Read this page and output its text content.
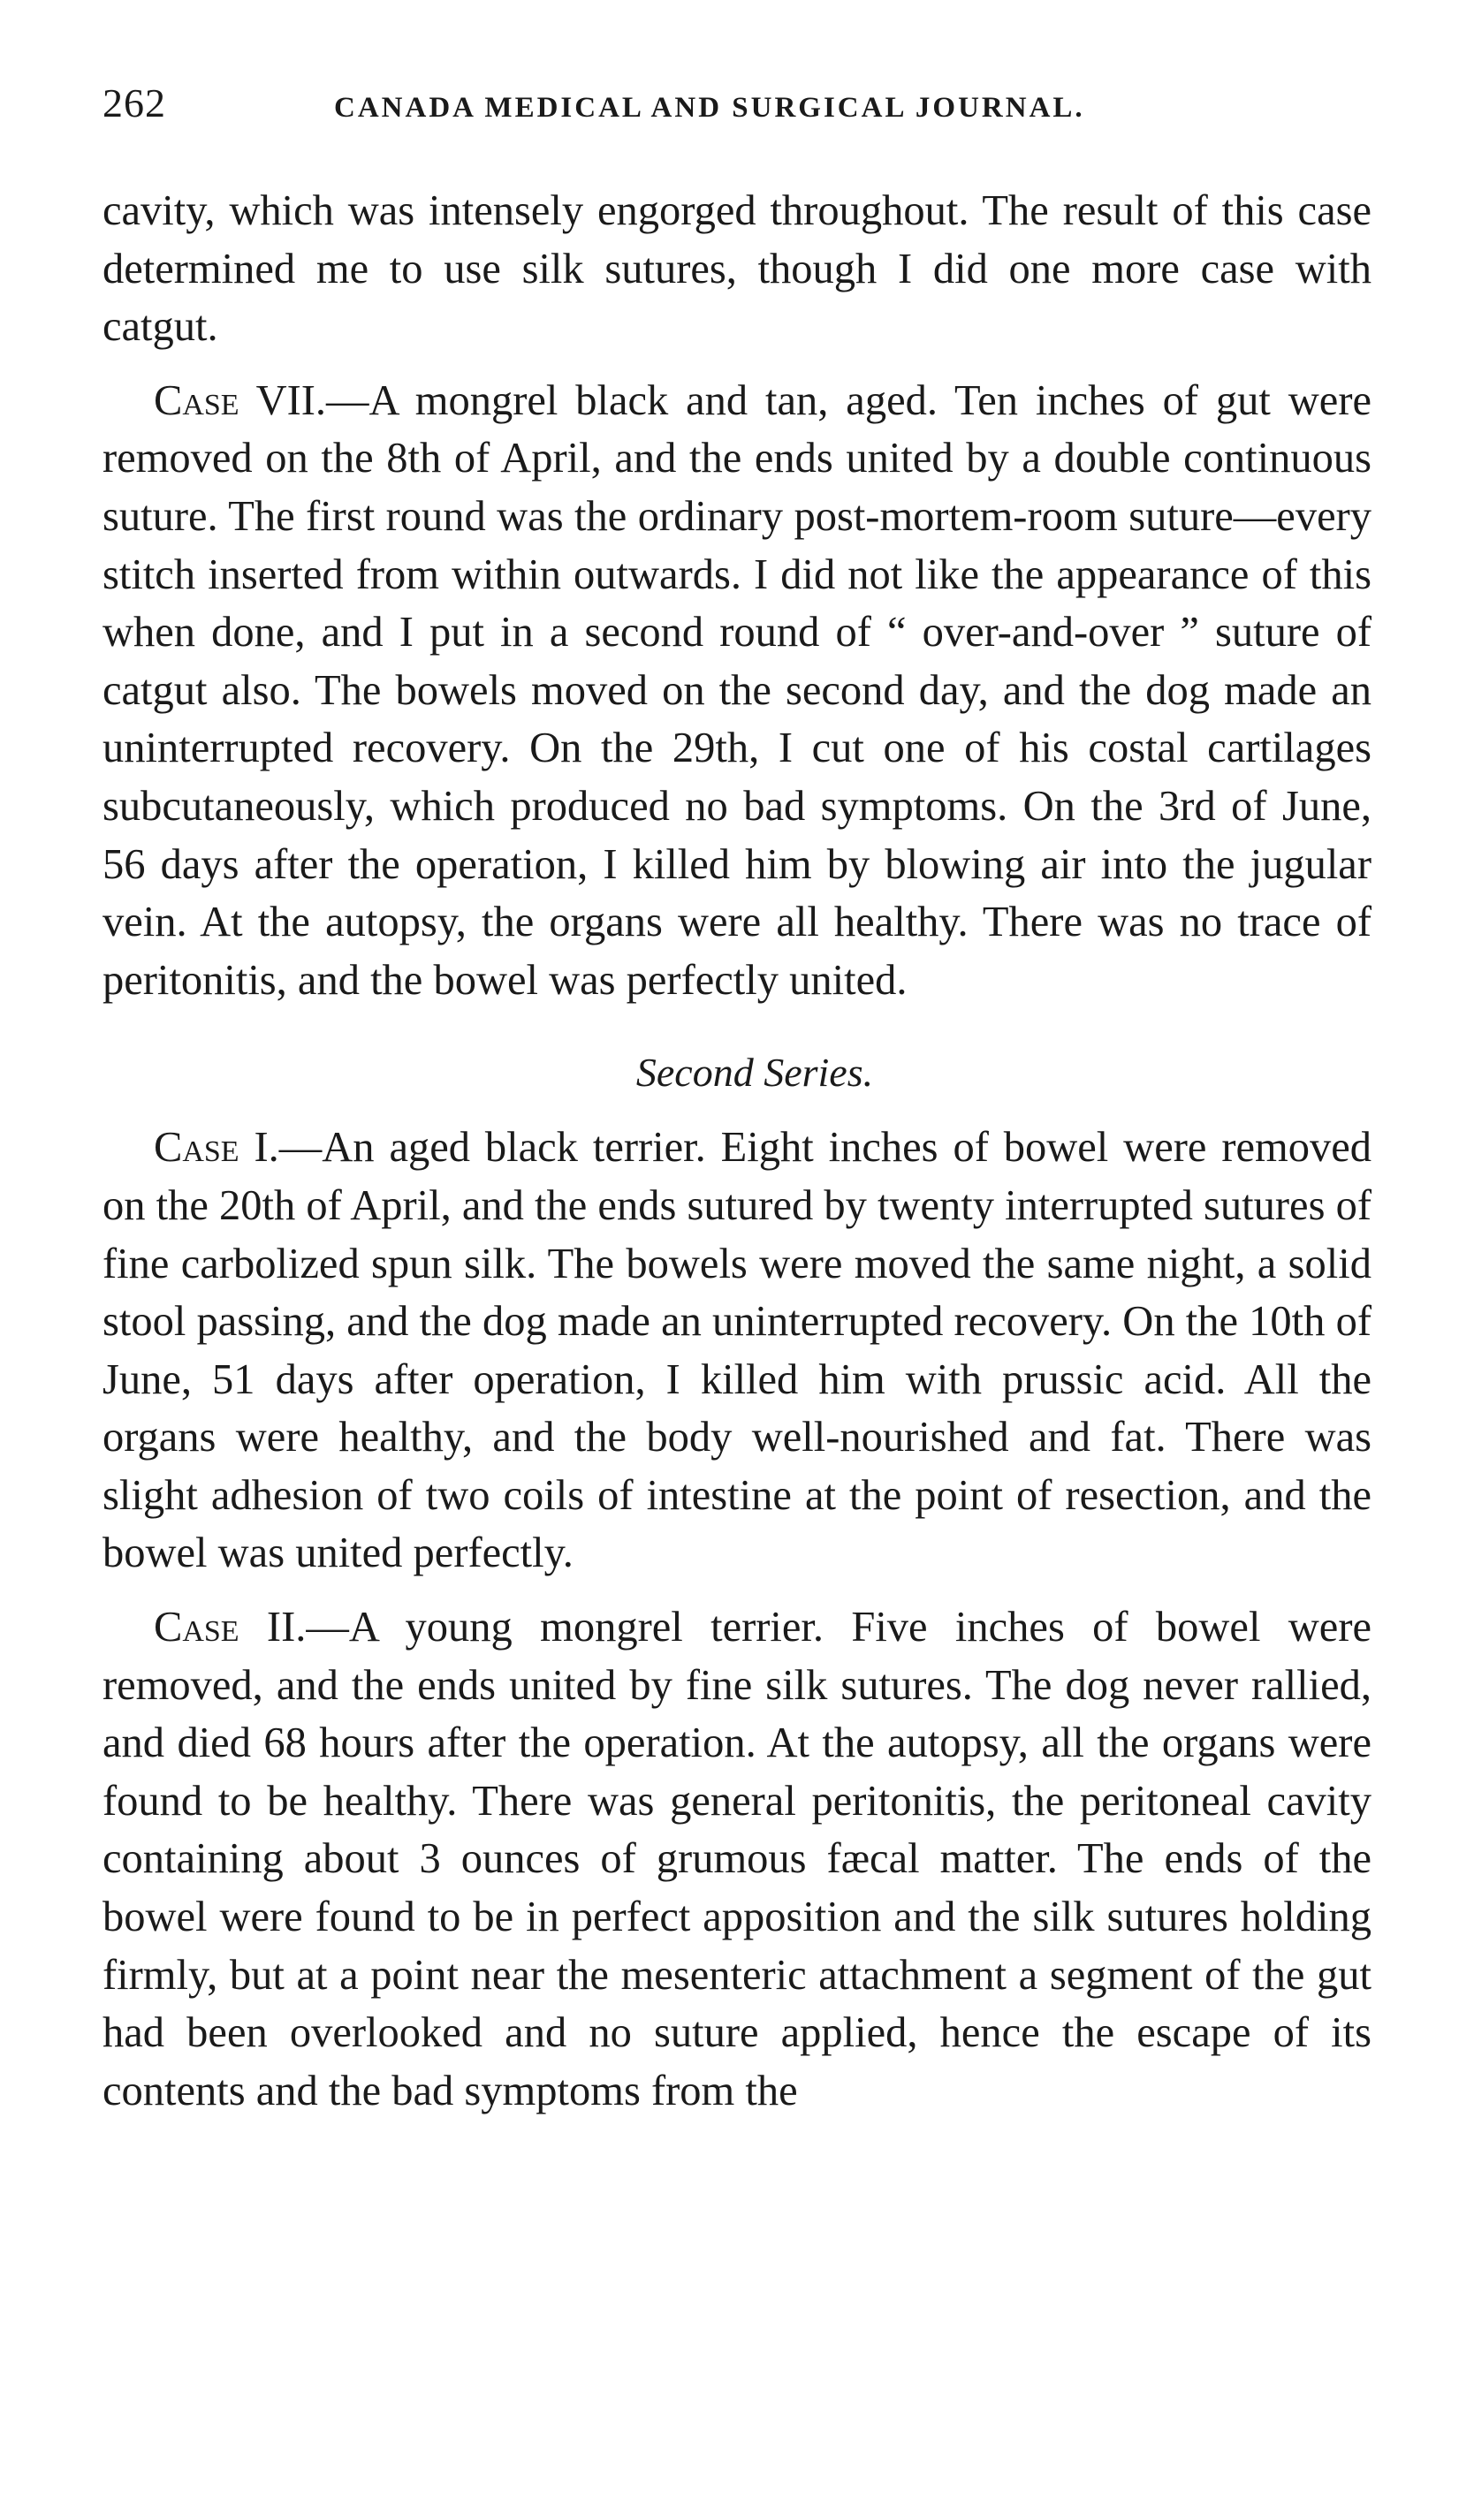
262	CANADA MEDICAL AND SURGICAL JOURNAL.

cavity, which was intensely engorged throughout. The result of this case determined me to use silk sutures, though I did one more case with catgut.

Case VII.—A mongrel black and tan, aged. Ten inches of gut were removed on the 8th of April, and the ends united by a double continuous suture. The first round was the ordinary post-mortem-room suture—every stitch inserted from within outwards. I did not like the appearance of this when done, and I put in a second round of “ over-and-over ” suture of catgut also. The bowels moved on the second day, and the dog made an uninterrupted recovery. On the 29th, I cut one of his costal cartilages subcutaneously, which produced no bad symptoms. On the 3rd of June, 56 days after the operation, I killed him by blowing air into the jugular vein. At the autopsy, the organs were all healthy. There was no trace of peritonitis, and the bowel was perfectly united.

Second Series.

Case I.—An aged black terrier. Eight inches of bowel were removed on the 20th of April, and the ends sutured by twenty interrupted sutures of fine carbolized spun silk. The bowels were moved the same night, a solid stool passing, and the dog made an uninterrupted recovery. On the 10th of June, 51 days after operation, I killed him with prussic acid. All the organs were healthy, and the body well-nourished and fat. There was slight adhesion of two coils of intestine at the point of resection, and the bowel was united perfectly.

Case II.—A young mongrel terrier. Five inches of bowel were removed, and the ends united by fine silk sutures. The dog never rallied, and died 68 hours after the operation. At the autopsy, all the organs were found to be healthy. There was general peritonitis, the peritoneal cavity containing about 3 ounces of grumous fæcal matter. The ends of the bowel were found to be in perfect apposition and the silk sutures holding firmly, but at a point near the mesenteric attachment a segment of the gut had been overlooked and no suture applied, hence the escape of its contents and the bad symptoms from the
